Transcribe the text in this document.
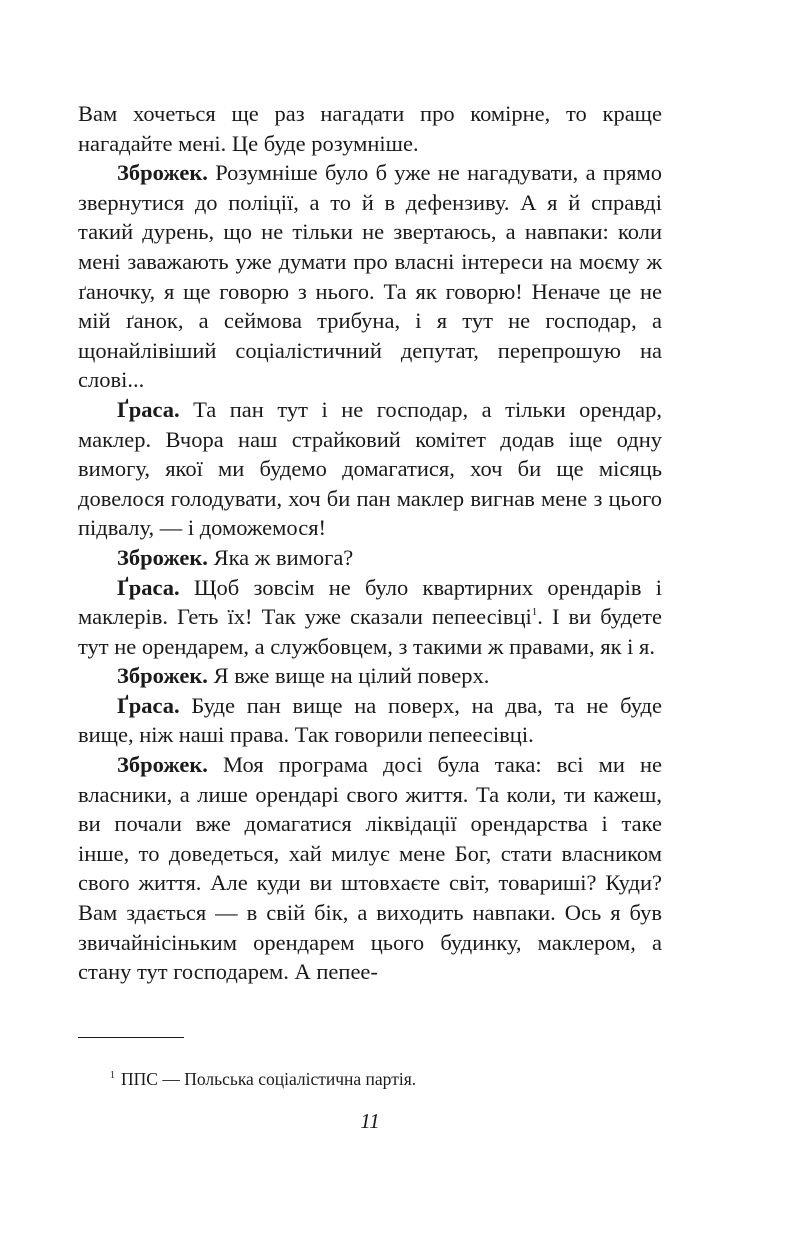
Вам хочеться ще раз нагадати про комірне, то краще нагадайте мені. Це буде розумніше.

Зброжек. Розумніше було б уже не нагадувати, а прямо звернутися до поліції, а то й в дефензиву. А я й справді такий дурень, що не тільки не звертаюсь, а навпаки: коли мені заважають уже думати про власні інтереси на моєму ж ґаночку, я ще говорю з нього. Та як говорю! Неначе це не мій ґанок, а сеймова трибуна, і я тут не господар, а щонайлівіший соціалістичний депутат, перепрошую на слові...

Ґраса. Та пан тут і не господар, а тільки орендар, маклер. Вчора наш страйковий комітет додав іще одну вимогу, якої ми будемо домагатися, хоч би ще місяць довелося голодувати, хоч би пан маклер вигнав мене з цього підвалу, — і доможемося!

Зброжек. Яка ж вимога?

Ґраса. Щоб зовсім не було квартирних орендарів і маклерів. Геть їх! Так уже сказали пепеесівці$^1$. І ви будете тут не орендарем, а службовцем, з такими ж правами, як і я.

Зброжек. Я вже вище на цілий поверх.

Ґраса. Буде пан вище на поверх, на два, та не буде вище, ніж наші права. Так говорили пепеесівці.

Зброжек. Моя програма досі була така: всі ми не власники, а лише орендарі свого життя. Та коли, ти кажеш, ви почали вже домагатися ліквідації орендарства і таке інше, то доведеться, хай милує мене Бог, стати власником свого життя. Але куди ви штовхаєте світ, товариші? Куди? Вам здається — в свій бік, а виходить навпаки. Ось я був звичайнісіньким орендарем цього будинку, маклером, а стану тут господарем. А пепее-

$^1$ ППС — Польська соціалістична партія.
11
